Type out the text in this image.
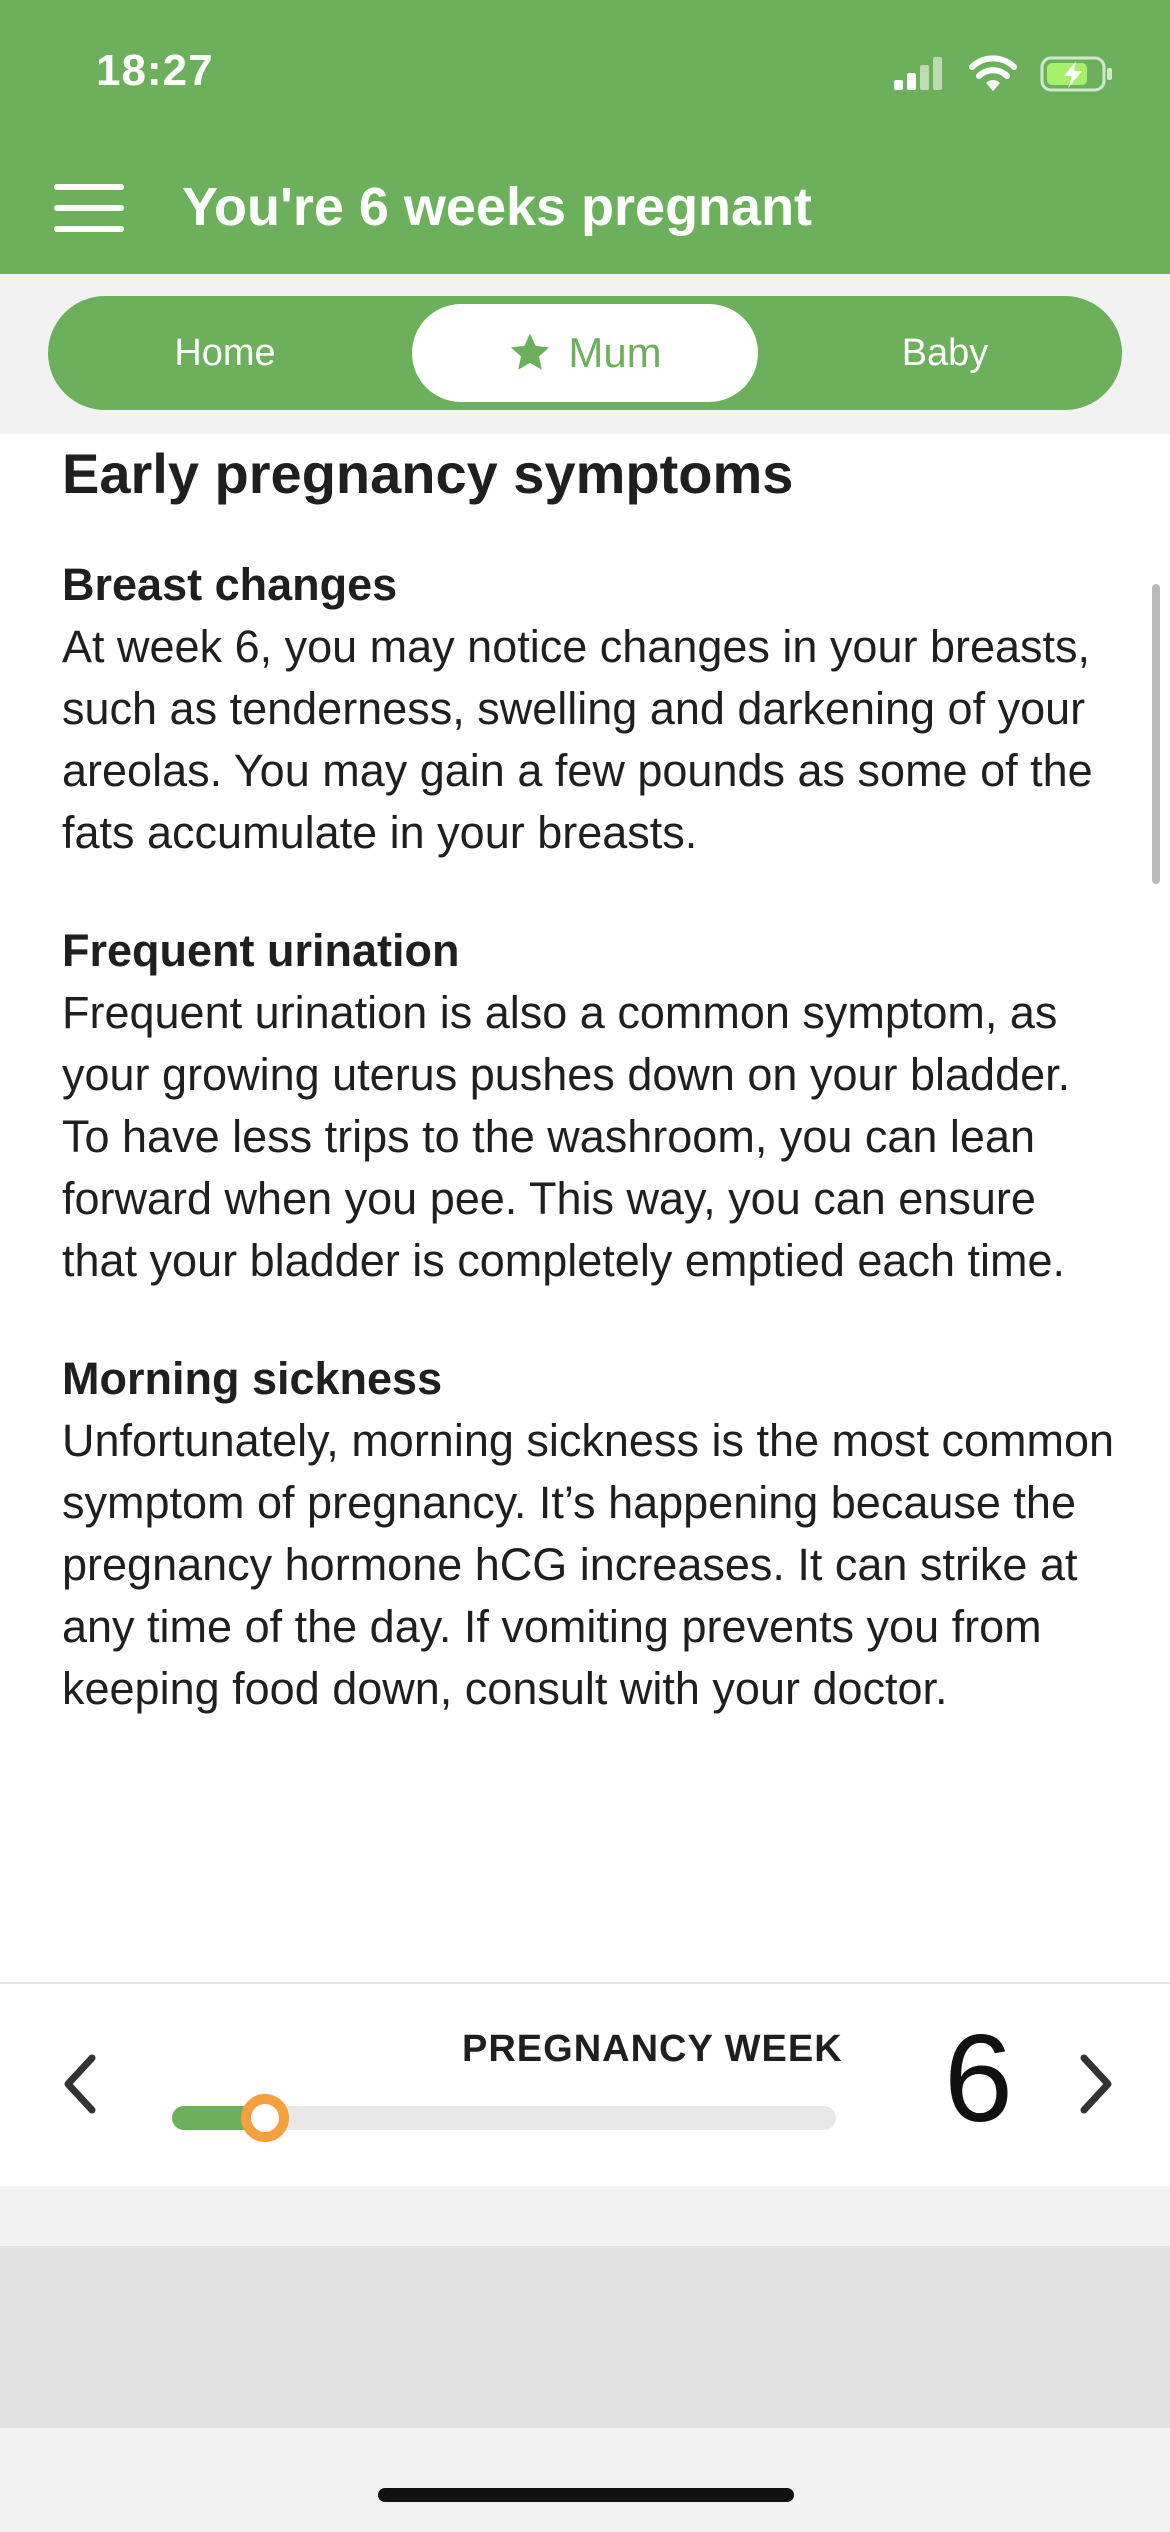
18:27
You're 6 weeks pregnant
Home	Mum	Baby
Early pregnancy symptoms
Breast changes
At week 6, you may notice changes in your breasts, such as tenderness, swelling and darkening of your areolas. You may gain a few pounds as some of the fats accumulate in your breasts.
Frequent urination
Frequent urination is also a common symptom, as your growing uterus pushes down on your bladder. To have less trips to the washroom, you can lean forward when you pee. This way, you can ensure that your bladder is completely emptied each time.
Morning sickness
Unfortunately, morning sickness is the most common symptom of pregnancy. It’s happening because the pregnancy hormone hCG increases. It can strike at any time of the day. If vomiting prevents you from keeping food down, consult with your doctor.
PREGNANCY WEEK 6
